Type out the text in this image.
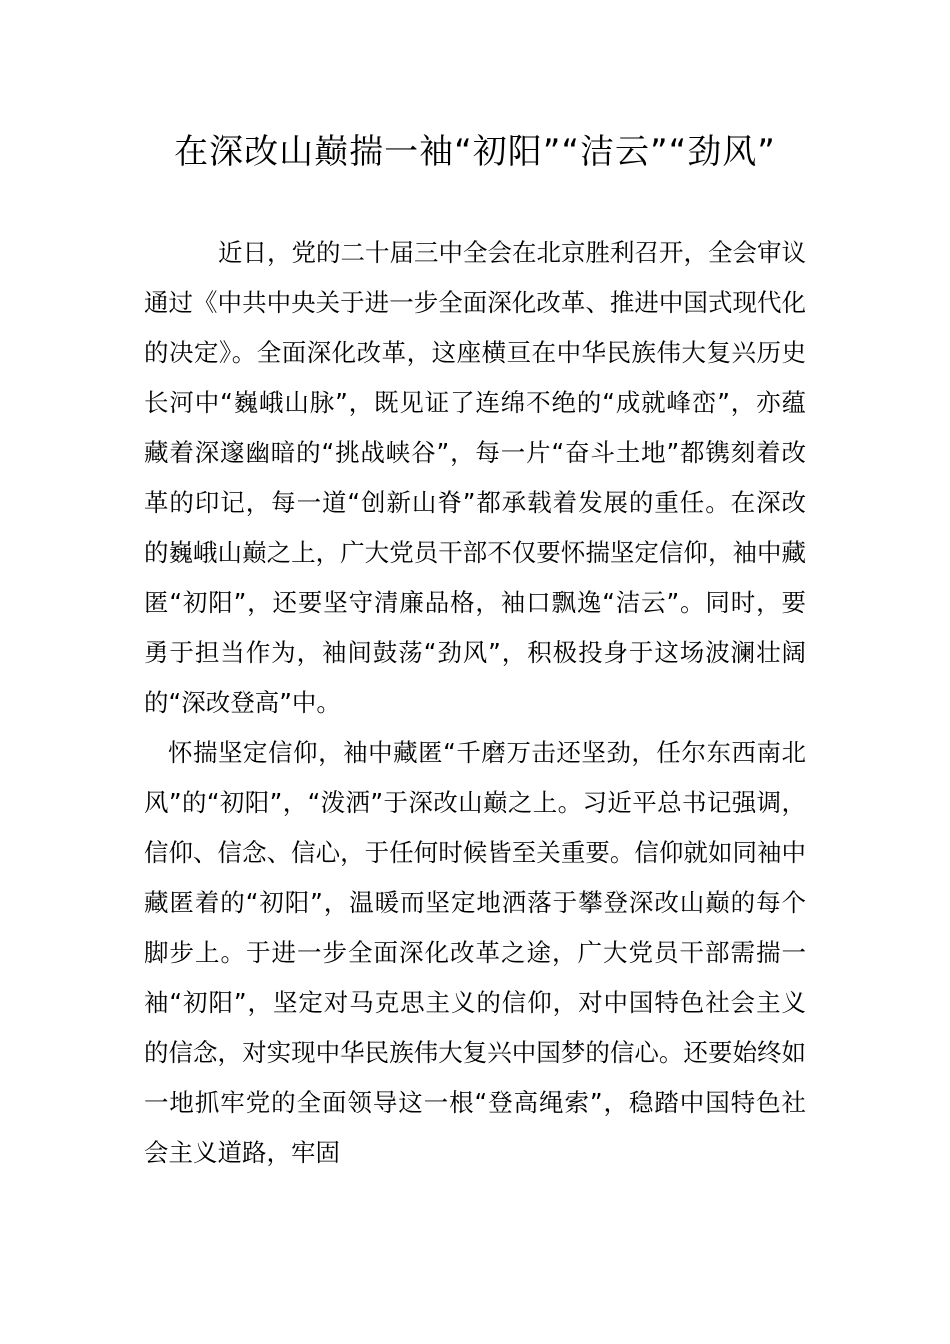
在深改山巅揣一袖“初阳”“洁云”“劲风”

近日，党的二十届三中全会在北京胜利召开，全会审议通过《中共中央关于进一步全面深化改革、推进中国式现代化的决定》。全面深化改革，这座横亘在中华民族伟大复兴历史长河中“巍峨山脉”，既见证了连绵不绝的“成就峰峦”，亦蕴藏着深邃幽暗的“挑战峡谷”，每一片“奋斗土地”都镌刻着改革的印记，每一道“创新山脊”都承载着发展的重任。在深改的巍峨山巅之上，广大党员干部不仅要怀揣坚定信仰，袖中藏匿“初阳”，还要坚守清廉品格，袖口飘逸“洁云”。同时，要勇于担当作为，袖间鼓荡“劲风”，积极投身于这场波澜壮阔的“深改登高”中。

怀揣坚定信仰，袖中藏匿“千磨万击还坚劲，任尔东西南北风”的“初阳”，“泼洒”于深改山巅之上。习近平总书记强调，信仰、信念、信心，于任何时候皆至关重要。信仰就如同袖中藏匿着的“初阳”，温暖而坚定地洒落于攀登深改山巅的每个脚步上。于进一步全面深化改革之途，广大党员干部需揣一袖“初阳”，坚定对马克思主义的信仰，对中国特色社会主义的信念，对实现中华民族伟大复兴中国梦的信心。还要始终如一地抓牢党的全面领导这一根“登高绳索”，稳踏中国特色社会主义道路，牢固
